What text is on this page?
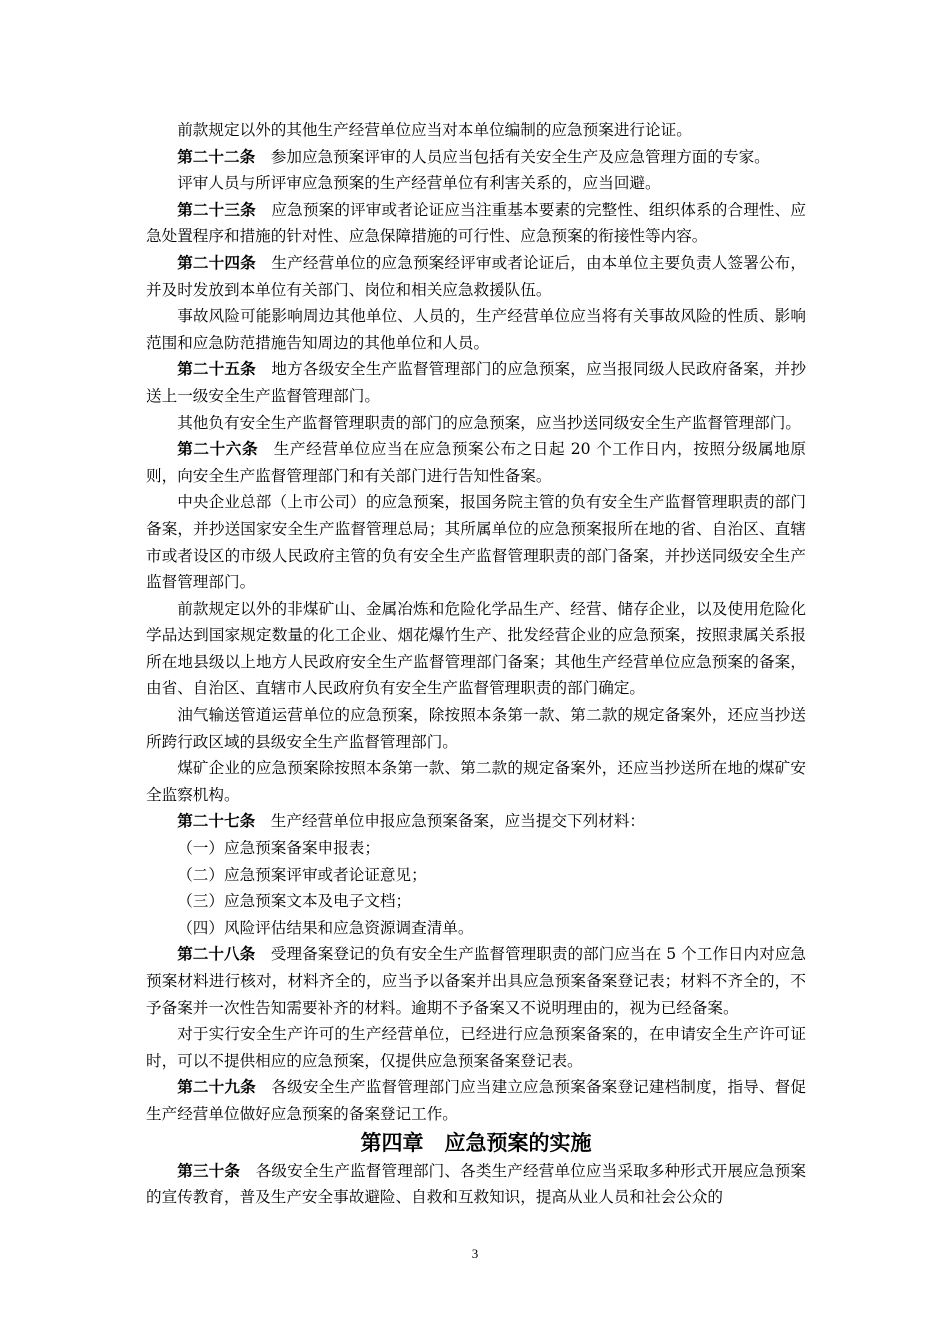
前款规定以外的其他生产经营单位应当对本单位编制的应急预案进行论证。

第二十二条 参加应急预案评审的人员应当包括有关安全生产及应急管理方面的专家。

评审人员与所评审应急预案的生产经营单位有利害关系的，应当回避。

第二十三条 应急预案的评审或者论证应当注重基本要素的完整性、组织体系的合理性、应急处置程序和措施的针对性、应急保障措施的可行性、应急预案的衔接性等内容。

第二十四条 生产经营单位的应急预案经评审或者论证后，由本单位主要负责人签署公布，并及时发放到本单位有关部门、岗位和相关应急救援队伍。

事故风险可能影响周边其他单位、人员的，生产经营单位应当将有关事故风险的性质、影响范围和应急防范措施告知周边的其他单位和人员。

第二十五条 地方各级安全生产监督管理部门的应急预案，应当报同级人民政府备案，并抄送上一级安全生产监督管理部门。

其他负有安全生产监督管理职责的部门的应急预案，应当抄送同级安全生产监督管理部门。

第二十六条 生产经营单位应当在应急预案公布之日起 20 个工作日内，按照分级属地原则，向安全生产监督管理部门和有关部门进行告知性备案。

中央企业总部（上市公司）的应急预案，报国务院主管的负有安全生产监督管理职责的部门备案，并抄送国家安全生产监督管理总局；其所属单位的应急预案报所在地的省、自治区、直辖市或者设区的市级人民政府主管的负有安全生产监督管理职责的部门备案，并抄送同级安全生产监督管理部门。

前款规定以外的非煤矿山、金属冶炼和危险化学品生产、经营、储存企业，以及使用危险化学品达到国家规定数量的化工企业、烟花爆竹生产、批发经营企业的应急预案，按照隶属关系报所在地县级以上地方人民政府安全生产监督管理部门备案；其他生产经营单位应急预案的备案，由省、自治区、直辖市人民政府负有安全生产监督管理职责的部门确定。

油气输送管道运营单位的应急预案，除按照本条第一款、第二款的规定备案外，还应当抄送所跨行政区域的县级安全生产监督管理部门。

煤矿企业的应急预案除按照本条第一款、第二款的规定备案外，还应当抄送所在地的煤矿安全监察机构。

第二十七条 生产经营单位申报应急预案备案，应当提交下列材料：

（一）应急预案备案申报表；

（二）应急预案评审或者论证意见；

（三）应急预案文本及电子文档；

（四）风险评估结果和应急资源调查清单。

第二十八条 受理备案登记的负有安全生产监督管理职责的部门应当在 5 个工作日内对应急预案材料进行核对，材料齐全的，应当予以备案并出具应急预案备案登记表；材料不齐全的，不予备案并一次性告知需要补齐的材料。逾期不予备案又不说明理由的，视为已经备案。

对于实行安全生产许可的生产经营单位，已经进行应急预案备案的，在申请安全生产许可证时，可以不提供相应的应急预案，仅提供应急预案备案登记表。

第二十九条 各级安全生产监督管理部门应当建立应急预案备案登记建档制度，指导、督促生产经营单位做好应急预案的备案登记工作。

第四章 应急预案的实施

第三十条 各级安全生产监督管理部门、各类生产经营单位应当采取多种形式开展应急预案的宣传教育，普及生产安全事故避险、自救和互救知识，提高从业人员和社会公众的

3
